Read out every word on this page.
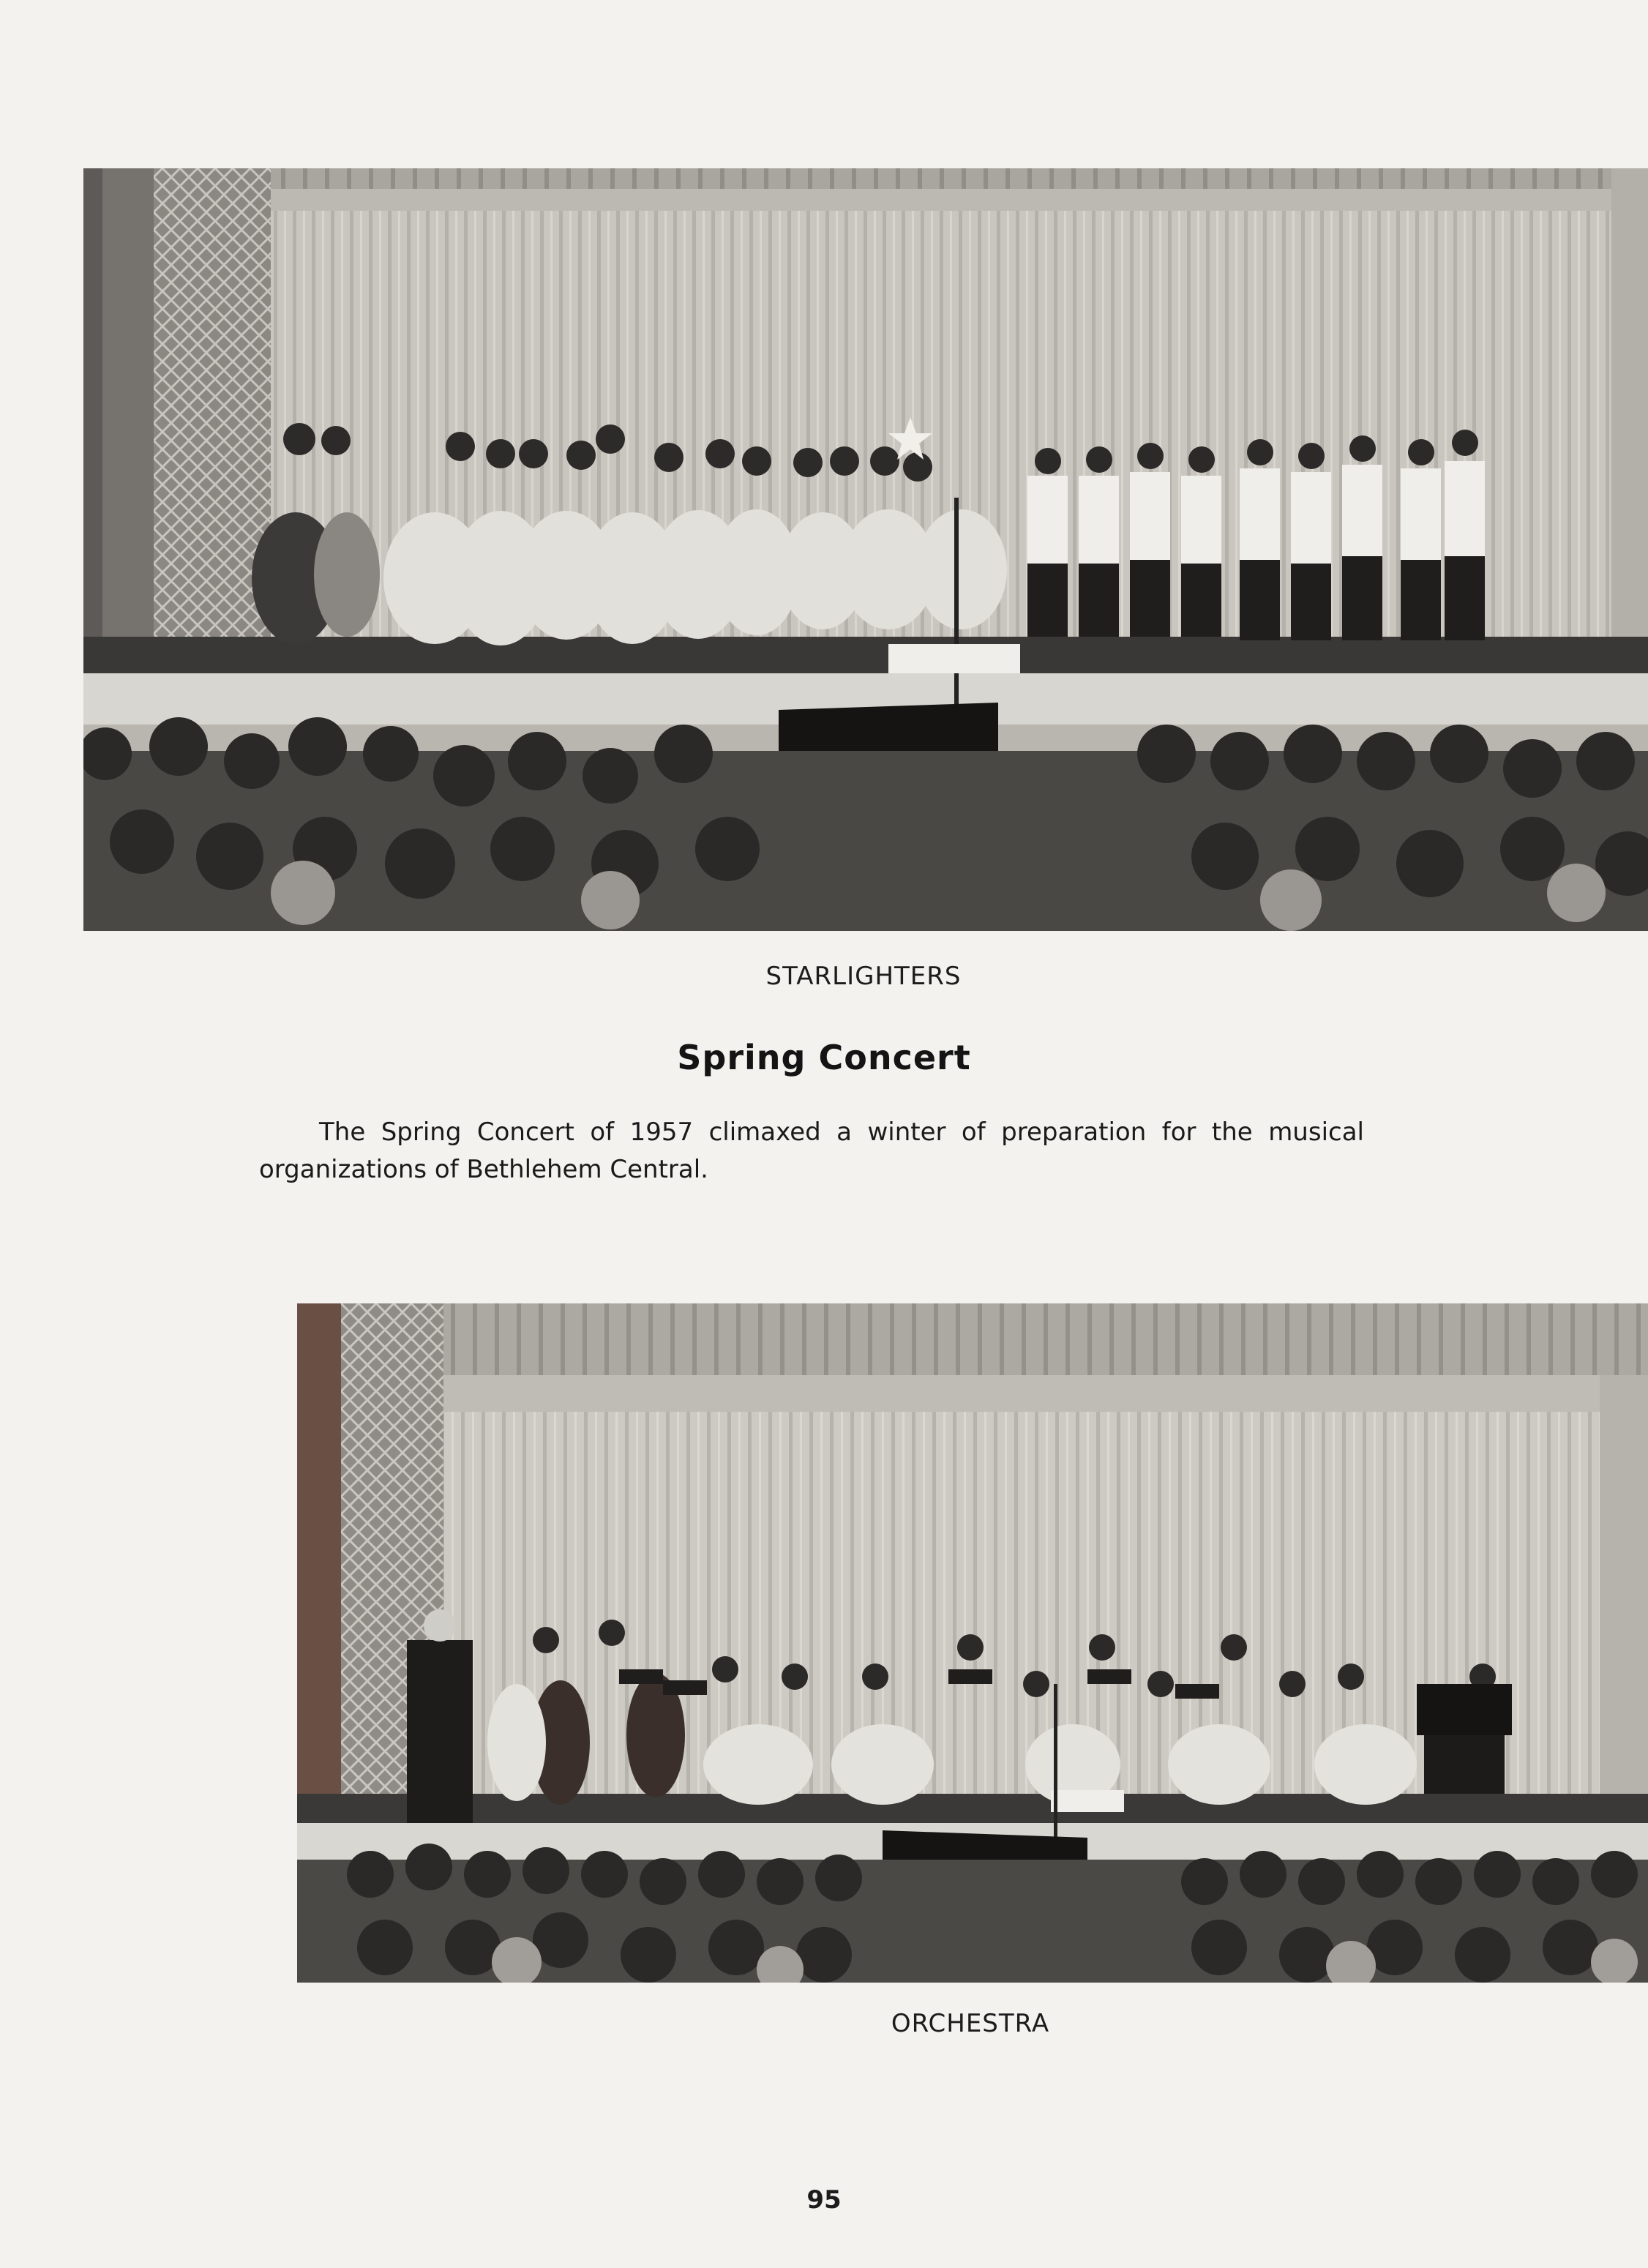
STARLIGHTERS
Spring Concert

The Spring Concert of 1957 climaxed a winter of preparation for the musical organizations of Bethlehem Central.

ORCHESTRA
95
